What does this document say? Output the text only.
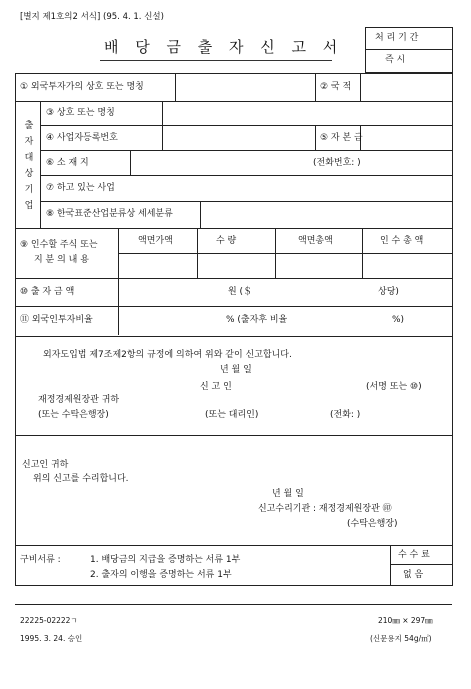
[별지 제1호의2 서식] (95. 4. 1. 신설)
배 당 금 출 자 신 고 서	처 리 기 간
즉 시
① 외국투자가의 상호 또는 명칭	② 국 적
출
자
대
상
기
업
③ 상호 또는 명칭
④ 사업자등록번호	⑤ 자 본 금
⑥ 소 재 지	(전화번호: )
⑦ 하고 있는 사업
⑧ 한국표준산업분류상 세세분류
⑨ 인수할 주식 또는
지 분 의 내 용
액면가액	수 량	액면총액	인 수 총 액
⑩ 출 자 금 액	원 (＄	상당)
⑪ 외국인투자비율	% (출자후 비율	%)
외자도입법 제7조제2항의 규정에 의하여 위와 같이 신고합니다.
년 월 일
신 고 인	(서명 또는 ⑩)
재정경제원장관 귀하
(또는 수탁은행장)	(또는 대리인)	(전화: )
신고인 귀하
위의 신고를 수리합니다.
년 월 일
신고수리기관 : 재정경제원장관 ㊞
(수탁은행장)
구비서류 :	1. 배당금의 지급을 증명하는 서류 1부
2. 출자의 이행을 증명하는 서류 1부
수 수 료
없 음
22225-02222ㄱ
1995. 3. 24. 승인
210㎜ × 297㎜
(신문용지 54g/㎡)
